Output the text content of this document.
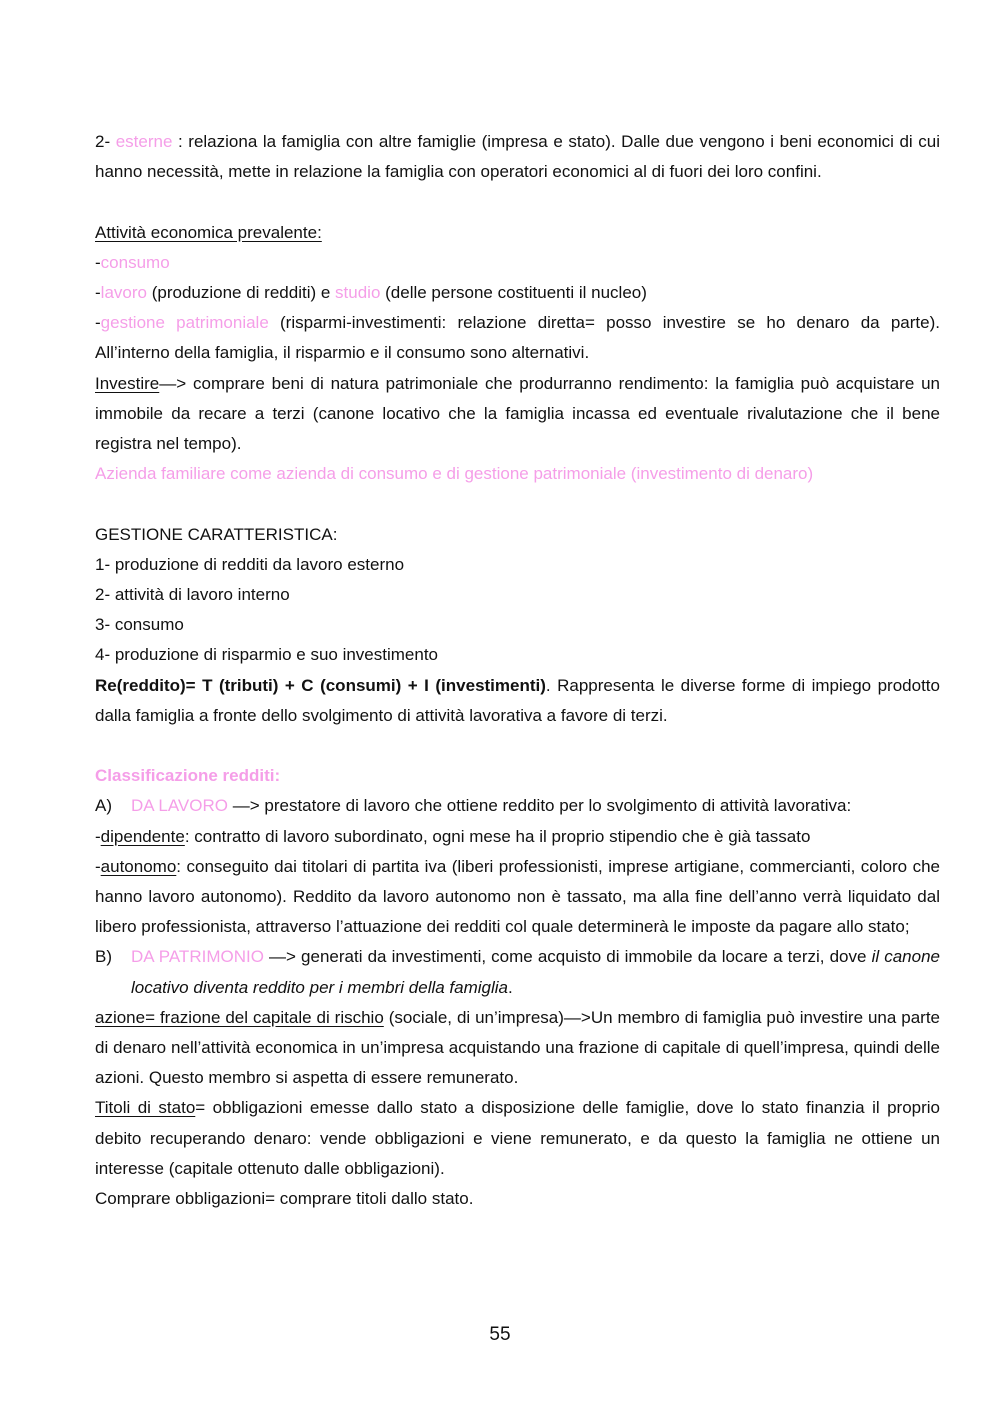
2- esterne : relaziona la famiglia con altre famiglie (impresa e stato). Dalle due vengono i beni economici di cui hanno necessità, mette in relazione la famiglia con operatori economici al di fuori dei loro confini.

Attività economica prevalente:

-consumo

-lavoro (produzione di redditi) e studio (delle persone costituenti il nucleo)

-gestione patrimoniale (risparmi-investimenti: relazione diretta= posso investire se ho denaro da parte). All’interno della famiglia, il risparmio e il consumo sono alternativi.

Investire—> comprare beni di natura patrimoniale che produrranno rendimento: la famiglia può acquistare un immobile da recare a terzi (canone locativo che la famiglia incassa ed eventuale rivalutazione che il bene registra nel tempo).

Azienda familiare come azienda di consumo e di gestione patrimoniale (investimento di denaro)

GESTIONE CARATTERISTICA:

1- produzione di redditi da lavoro esterno

2- attività di lavoro interno

3- consumo

4- produzione di risparmio e suo investimento

Re(reddito)= T (tributi) + C (consumi) + I (investimenti). Rappresenta le diverse forme di impiego prodotto dalla famiglia a fronte dello svolgimento di attività lavorativa a favore di terzi.

Classificazione redditi:

A)	DA LAVORO —> prestatore di lavoro che ottiene reddito per lo svolgimento di attività lavorativa:

-dipendente: contratto di lavoro subordinato, ogni mese ha il proprio stipendio che è già tassato

-autonomo: conseguito dai titolari di partita iva (liberi professionisti, imprese artigiane, commercianti, coloro che hanno lavoro autonomo). Reddito da lavoro autonomo non è tassato, ma alla fine dell’anno verrà liquidato dal libero professionista, attraverso l’attuazione dei redditi col quale determinerà le imposte da pagare allo stato;

B)	DA PATRIMONIO —> generati da investimenti, come acquisto di immobile da locare a terzi, dove il canone locativo diventa reddito per i membri della famiglia.

azione= frazione del capitale di rischio (sociale, di un’impresa)—>Un membro di famiglia può investire una parte di denaro nell’attività economica in un’impresa acquistando una frazione di capitale di quell’impresa, quindi delle azioni. Questo membro si aspetta di essere remunerato.

Titoli di stato= obbligazioni emesse dallo stato a disposizione delle famiglie, dove lo stato finanzia il proprio debito recuperando denaro: vende obbligazioni e viene remunerato, e da questo la famiglia ne ottiene un interesse (capitale ottenuto dalle obbligazioni).

Comprare obbligazioni= comprare titoli dallo stato.

55
